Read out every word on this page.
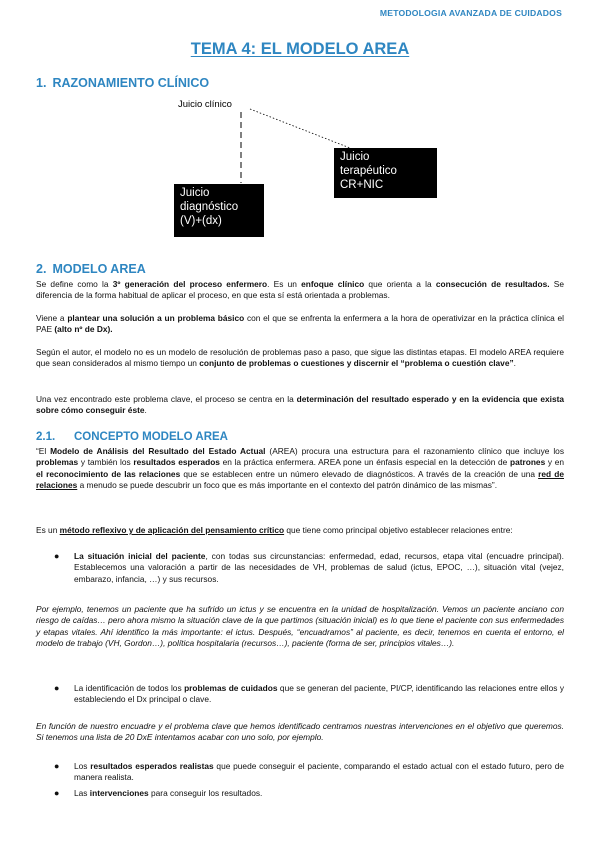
METODOLOGIA AVANZADA DE CUIDADOS
TEMA 4: EL MODELO AREA
1. RAZONAMIENTO CLÍNICO
Juicio clínico
Juicio
terapéutico
CR+NIC
Juicio
diagnóstico
(V)+(dx)
2. MODELO AREA
Se define como la 3º generación del proceso enfermero. Es un enfoque clínico que orienta a la consecución de resultados. Se diferencia de la forma habitual de aplicar el proceso, en que esta sí está orientada a problemas.
Viene a plantear una solución a un problema básico con el que se enfrenta la enfermera a la hora de operativizar en la práctica clínica el PAE (alto nº de Dx).
Según el autor, el modelo no es un modelo de resolución de problemas paso a paso, que sigue las distintas etapas. El modelo AREA requiere que sean considerados al mismo tiempo un conjunto de problemas o cuestiones y discernir el “problema o cuestión clave”.
Una vez encontrado este problema clave, el proceso se centra en la determinación del resultado esperado y en la evidencia que exista sobre cómo conseguir éste.
2.1. CONCEPTO MODELO AREA
“El Modelo de Análisis del Resultado del Estado Actual (AREA) procura una estructura para el razonamiento clínico que incluye los problemas y también los resultados esperados en la práctica enfermera. AREA pone un énfasis especial en la detección de patrones y en el reconocimiento de las relaciones que se establecen entre un número elevado de diagnósticos. A través de la creación de una red de relaciones a menudo se puede descubrir un foco que es más importante en el contexto del patrón dinámico de las mismas”.
Es un método reflexivo y de aplicación del pensamiento crítico que tiene como principal objetivo establecer relaciones entre:
● La situación inicial del paciente, con todas sus circunstancias: enfermedad, edad, recursos, etapa vital (encuadre principal). Establecemos una valoración a partir de las necesidades de VH, problemas de salud (ictus, EPOC, …), situación vital (vejez, embarazo, infancia, …) y sus recursos.
Por ejemplo, tenemos un paciente que ha sufrido un ictus y se encuentra en la unidad de hospitalización. Vemos un paciente anciano con riesgo de caídas… pero ahora mismo la situación clave de la que partimos (situación inicial) es lo que tiene el paciente con sus enfermedades y etapas vitales. Ahí identifico la más importante: el ictus. Después, “encuadramos” al paciente, es decir, tenemos en cuenta el entorno, el modelo de trabajo (VH, Gordon…), política hospitalaria (recursos…), paciente (forma de ser, principios vitales…).
● La identificación de todos los problemas de cuidados que se generan del paciente, PI/CP, identificando las relaciones entre ellos y estableciendo el Dx principal o clave.
En función de nuestro encuadre y el problema clave que hemos identificado centramos nuestras intervenciones en el objetivo que queremos. Si tenemos una lista de 20 DxE intentamos acabar con uno solo, por ejemplo.
● Los resultados esperados realistas que puede conseguir el paciente, comparando el estado actual con el estado futuro, pero de manera realista.
● Las intervenciones para conseguir los resultados.
